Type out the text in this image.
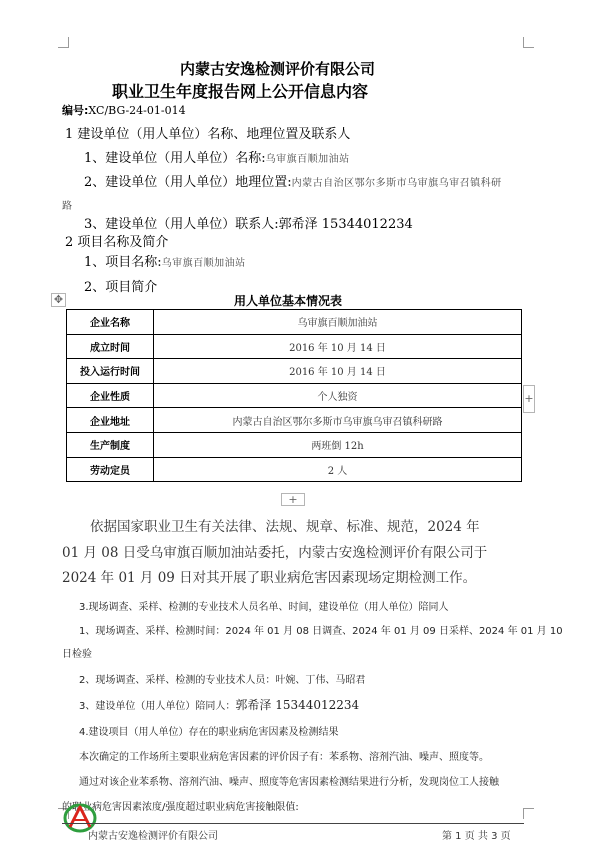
内蒙古安逸检测评价有限公司
职业卫生年度报告网上公开信息内容
编号:XC/BG-24-01-014
1 建设单位（用人单位）名称、地理位置及联系人
1、建设单位（用人单位）名称:乌审旗百顺加油站
2、建设单位（用人单位）地理位置:内蒙古自治区鄂尔多斯市乌审旗乌审召镇科研
路
3、建设单位（用人单位）联系人:郭希泽 15344012234
2 项目名称及简介
1、项目名称:乌审旗百顺加油站
2、项目简介
✥	用人单位基本情况表
企业名称	乌审旗百顺加油站
成立时间	2016 年 10 月 14 日
投入运行时间	2016 年 10 月 14 日
企业性质	个人独资
企业地址	内蒙古自治区鄂尔多斯市乌审旗乌审召镇科研路
生产制度	两班倒 12h
劳动定员	2 人
+
+
依据国家职业卫生有关法律、法规、规章、标准、规范，2024 年
01 月 08 日受乌审旗百顺加油站委托，内蒙古安逸检测评价有限公司于
2024 年 01 月 09 日对其开展了职业病危害因素现场定期检测工作。
3.现场调查、采样、检测的专业技术人员名单、时间，建设单位（用人单位）陪同人
1、现场调查、采样、检测时间：2024 年 01 月 08 日调查、2024 年 01 月 09 日采样、2024 年 01 月 10
日检验
2、现场调查、采样、检测的专业技术人员：叶婉、丁伟、马昭君
3、建设单位（用人单位）陪同人：郭希泽 15344012234
4.建设项目（用人单位）存在的职业病危害因素及检测结果
本次确定的工作场所主要职业病危害因素的评价因子有：苯系物、溶剂汽油、噪声、照度等。
通过对该企业苯系物、溶剂汽油、噪声、照度等危害因素检测结果进行分析，发现岗位工人接触
的职业病危害因素浓度/强度超过职业病危害接触限值:
内蒙古安逸检测评价有限公司	第 1 页 共 3 页
